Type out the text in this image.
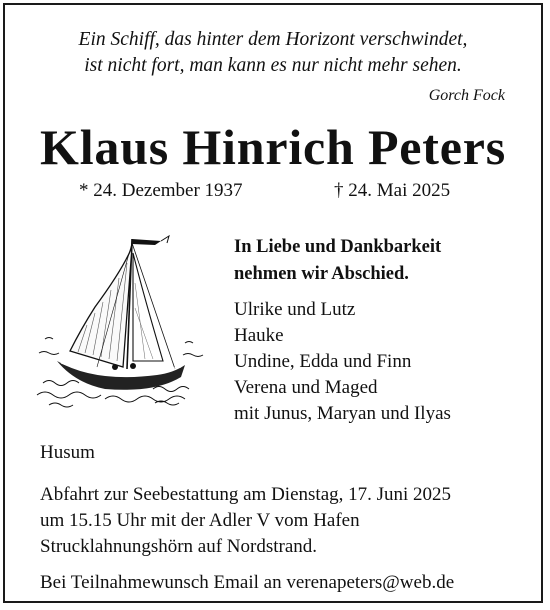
Ein Schiff, das hinter dem Horizont verschwindet,
ist nicht fort, man kann es nur nicht mehr sehen.
Gorch Fock
Klaus Hinrich Peters
* 24. Dezember 1937	† 24. Mai 2025
In Liebe und Dankbarkeit
nehmen wir Abschied.
Ulrike und Lutz
Hauke
Undine, Edda und Finn
Verena und Maged
mit Junus, Maryan und Ilyas
Husum
Abfahrt zur Seebestattung am Dienstag, 17. Juni 2025
um 15.15 Uhr mit der Adler V vom Hafen
Strucklahnungshörn auf Nordstrand.
Bei Teilnahmewunsch Email an verenapeters@web.de
